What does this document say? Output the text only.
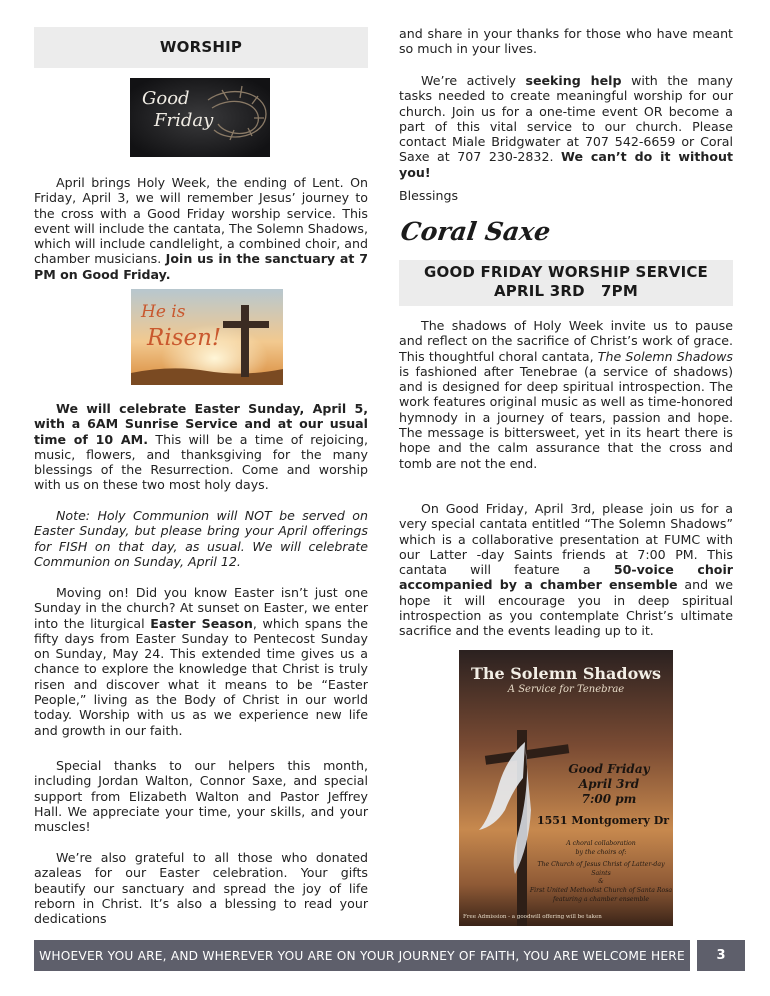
WORSHIP
Good
Friday

April brings Holy Week, the ending of Lent. On Friday, April 3, we will remember Jesus’ journey to the cross with a Good Friday worship service. This event will include the cantata, The Solemn Shadows, which will include candlelight, a combined choir, and chamber musicians. Join us in the sanctuary at 7 PM on Good Friday.

He is
Risen!

We will celebrate Easter Sunday, April 5, with a 6AM Sunrise Service and at our usual time of 10 AM. This will be a time of rejoicing, music, flowers, and thanksgiving for the many blessings of the Resurrection. Come and worship with us on these two most holy days.

Note: Holy Communion will NOT be served on Easter Sunday, but please bring your April offerings for FISH on that day, as usual. We will celebrate Communion on Sunday, April 12.

Moving on! Did you know Easter isn’t just one Sunday in the church? At sunset on Easter, we enter into the liturgical Easter Season, which spans the fifty days from Easter Sunday to Pentecost Sunday on Sunday, May 24. This extended time gives us a chance to explore the knowledge that Christ is truly risen and discover what it means to be “Easter People,” living as the Body of Christ in our world today. Worship with us as we experience new life and growth in our faith.

Special thanks to our helpers this month, including Jordan Walton, Connor Saxe, and special support from Elizabeth Walton and Pastor Jeffrey Hall. We appreciate your time, your skills, and your muscles!

We’re also grateful to all those who donated azaleas for our Easter celebration. Your gifts beautify our sanctuary and spread the joy of life reborn in Christ. It’s also a blessing to read your dedications

and share in your thanks for those who have meant so much in your lives.

We’re actively seeking help with the many tasks needed to create meaningful worship for our church. Join us for a one-time event OR become a part of this vital service to our church. Please contact Miale Bridgwater at 707 542-6659 or Coral Saxe at 707 230-2832. We can’t do it without you!

Blessings
Coral Saxe
GOOD FRIDAY WORSHIP SERVICE
APRIL 3RD   7PM

The shadows of Holy Week invite us to pause and reflect on the sacrifice of Christ’s work of grace. This thoughtful choral cantata, The Solemn Shadows is fashioned after Tenebrae (a service of shadows) and is designed for deep spiritual introspection. The work features original music as well as time-honored hymnody in a journey of tears, passion and hope. The message is bittersweet, yet in its heart there is hope and the calm assurance that the cross and tomb are not the end.

On Good Friday, April 3rd, please join us for a very special cantata entitled “The Solemn Shadows” which is a collaborative presentation at FUMC with our Latter -day Saints friends at 7:00 PM. This cantata will feature a 50-voice choir accompanied by a chamber ensemble and we hope it will encourage you in deep spiritual introspection as you contemplate Christ’s ultimate sacrifice and the events leading up to it.

The Solemn Shadows
A Service for Tenebrae
Good Friday
April 3rd
7:00 pm
1551 Montgomery Dr
A choral collaboration
by the choirs of:
The Church of Jesus Christ of Latter-day Saints
&
First United Methodist Church of Santa Rosa
featuring a chamber ensemble
Free Admission - a goodwill offering will be taken
WHOEVER YOU ARE, AND WHEREVER YOU ARE ON YOUR JOURNEY OF FAITH, YOU ARE WELCOME HERE	3
